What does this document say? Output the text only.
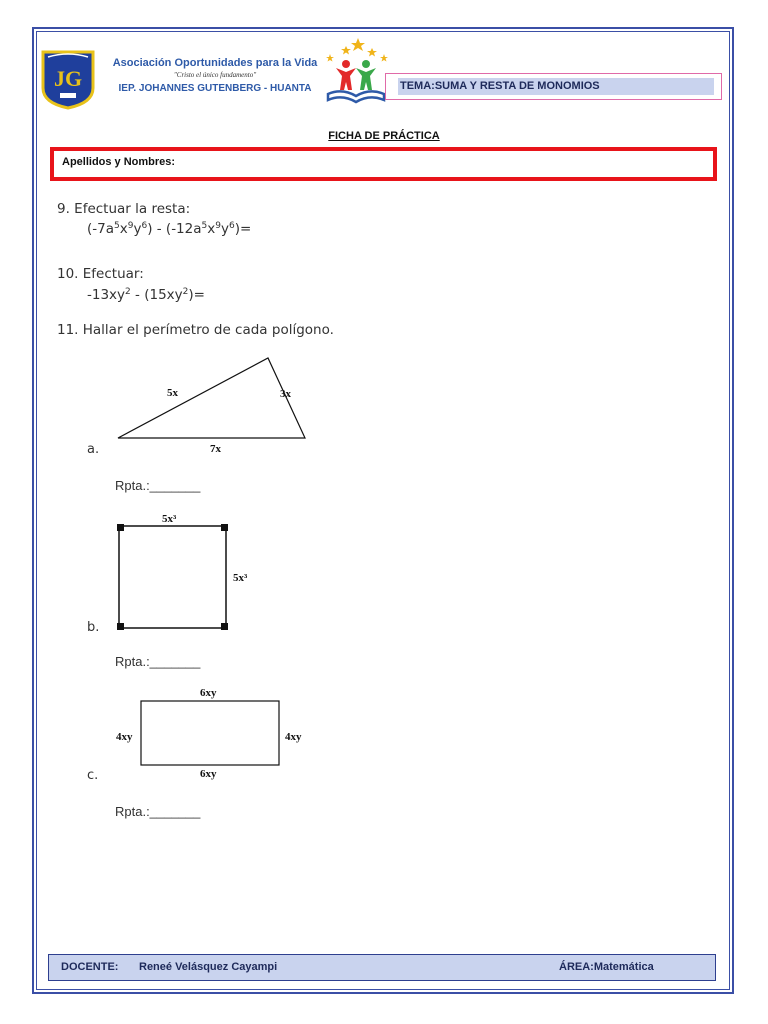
JG
Asociación Oportunidades para la Vida
"Cristo el único fundamento"
IEP. JOHANNES GUTENBERG - HUANTA	TEMA:SUMA Y RESTA DE MONOMIOS
FICHA DE PRÁCTICA
Apellidos y Nombres:
9. Efectuar la resta:
$(-7a^5x^9y^6) - (-12a^5x^9y^6)=$
10. Efectuar:
$-13xy^2 - (15xy^2)=$
11. Hallar el perímetro de cada polígono.
5x	3x
7x
a.
Rpta.:_______
5x³
5x³
b.
Rpta.:_______
6xy
6xy
4xy	4xy
c.
Rpta.:_______
DOCENTE: Reneé Velásquez Cayampi	ÁREA:Matemática
